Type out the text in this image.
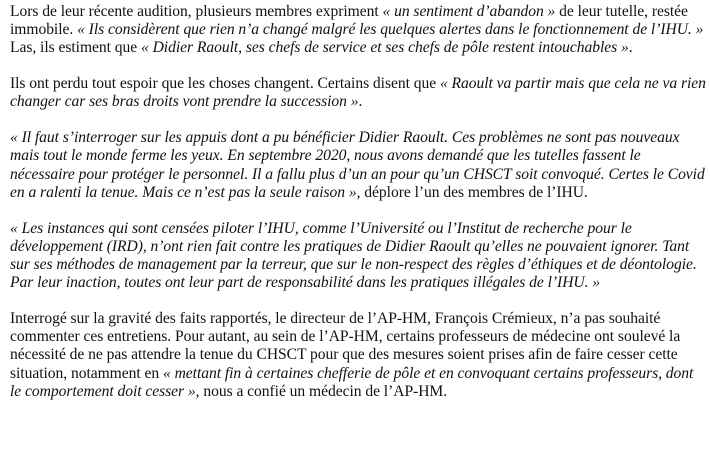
Lors de leur récente audition, plusieurs membres expriment « un sentiment d’abandon » de leur tutelle, restée immobile. « Ils considèrent que rien n’a changé malgré les quelques alertes dans le fonctionnement de l’IHU. » Las, ils estiment que « Didier Raoult, ses chefs de service et ses chefs de pôle restent intouchables ».

Ils ont perdu tout espoir que les choses changent. Certains disent que « Raoult va partir mais que cela ne va rien changer car ses bras droits vont prendre la succession ».

« Il faut s’interroger sur les appuis dont a pu bénéficier Didier Raoult. Ces problèmes ne sont pas nouveaux mais tout le monde ferme les yeux. En septembre 2020, nous avons demandé que les tutelles fassent le nécessaire pour protéger le personnel. Il a fallu plus d’un an pour qu’un CHSCT soit convoqué. Certes le Covid en a ralenti la tenue. Mais ce n’est pas la seule raison », déplore l’un des membres de l’IHU.

« Les instances qui sont censées piloter l’IHU, comme l’Université ou l’Institut de recherche pour le développement (IRD), n’ont rien fait contre les pratiques de Didier Raoult qu’elles ne pouvaient ignorer. Tant sur ses méthodes de management par la terreur, que sur le non-respect des règles d’éthiques et de déontologie. Par leur inaction, toutes ont leur part de responsabilité dans les pratiques illégales de l’IHU. »

Interrogé sur la gravité des faits rapportés, le directeur de l’AP-HM, François Crémieux, n’a pas souhaité commenter ces entretiens. Pour autant, au sein de l’AP-HM, certains professeurs de médecine ont soulevé la nécessité de ne pas attendre la tenue du CHSCT pour que des mesures soient prises afin de faire cesser cette situation, notamment en « mettant fin à certaines chefferie de pôle et en convoquant certains professeurs, dont le comportement doit cesser », nous a confié un médecin de l’AP-HM.
